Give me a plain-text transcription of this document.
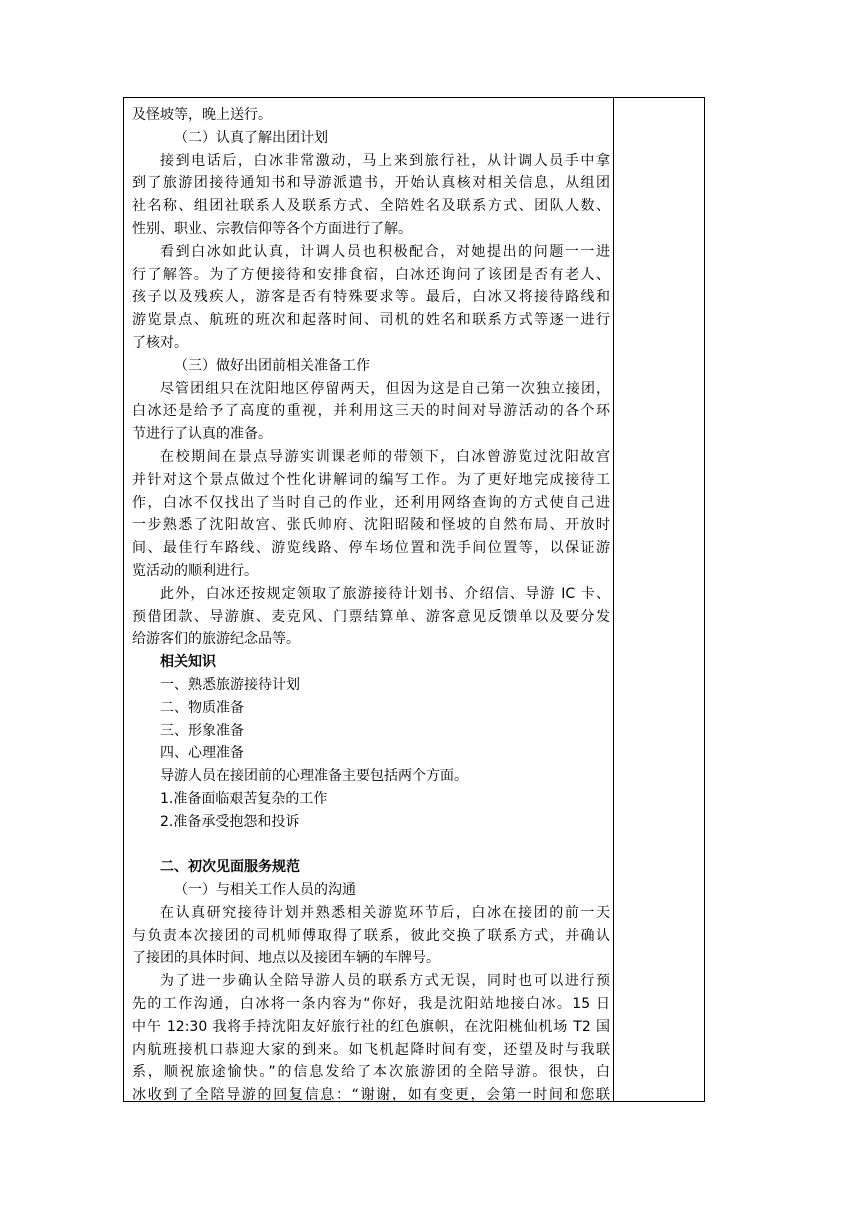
及怪坡等，晚上送行。
（二）认真了解出团计划
接到电话后，白冰非常激动，马上来到旅行社，从计调人员手中拿
到了旅游团接待通知书和导游派遣书，开始认真核对相关信息，从组团
社名称、组团社联系人及联系方式、全陪姓名及联系方式、团队人数、
性别、职业、宗教信仰等各个方面进行了解。
看到白冰如此认真，计调人员也积极配合，对她提出的问题一一进
行了解答。为了方便接待和安排食宿，白冰还询问了该团是否有老人、
孩子以及残疾人，游客是否有特殊要求等。最后，白冰又将接待路线和
游览景点、航班的班次和起落时间、司机的姓名和联系方式等逐一进行
了核对。
（三）做好出团前相关准备工作
尽管团组只在沈阳地区停留两天，但因为这是自己第一次独立接团，
白冰还是给予了高度的重视，并利用这三天的时间对导游活动的各个环
节进行了认真的准备。
在校期间在景点导游实训课老师的带领下，白冰曾游览过沈阳故宫
并针对这个景点做过个性化讲解词的编写工作。为了更好地完成接待工
作，白冰不仅找出了当时自己的作业，还利用网络查询的方式使自己进
一步熟悉了沈阳故宫、张氏帅府、沈阳昭陵和怪坡的自然布局、开放时
间、最佳行车路线、游览线路、停车场位置和洗手间位置等，以保证游
览活动的顺利进行。
此外，白冰还按规定领取了旅游接待计划书、介绍信、导游 IC 卡、
预借团款、导游旗、麦克风、门票结算单、游客意见反馈单以及要分发
给游客们的旅游纪念品等。
相关知识
一、熟悉旅游接待计划
二、物质准备
三、形象准备
四、心理准备
导游人员在接团前的心理准备主要包括两个方面。
1.准备面临艰苦复杂的工作
2.准备承受抱怨和投诉
二、初次见面服务规范
（一）与相关工作人员的沟通
在认真研究接待计划并熟悉相关游览环节后，白冰在接团的前一天
与负责本次接团的司机师傅取得了联系，彼此交换了联系方式，并确认
了接团的具体时间、地点以及接团车辆的车牌号。
为了进一步确认全陪导游人员的联系方式无误，同时也可以进行预
先的工作沟通，白冰将一条内容为“你好，我是沈阳站地接白冰。15 日
中午 12:30 我将手持沈阳友好旅行社的红色旗帜，在沈阳桃仙机场 T2 国
内航班接机口恭迎大家的到来。如飞机起降时间有变，还望及时与我联
系，顺祝旅途愉快。”的信息发给了本次旅游团的全陪导游。很快，白
冰收到了全陪导游的回复信息：“谢谢，如有变更，会第一时间和您联
